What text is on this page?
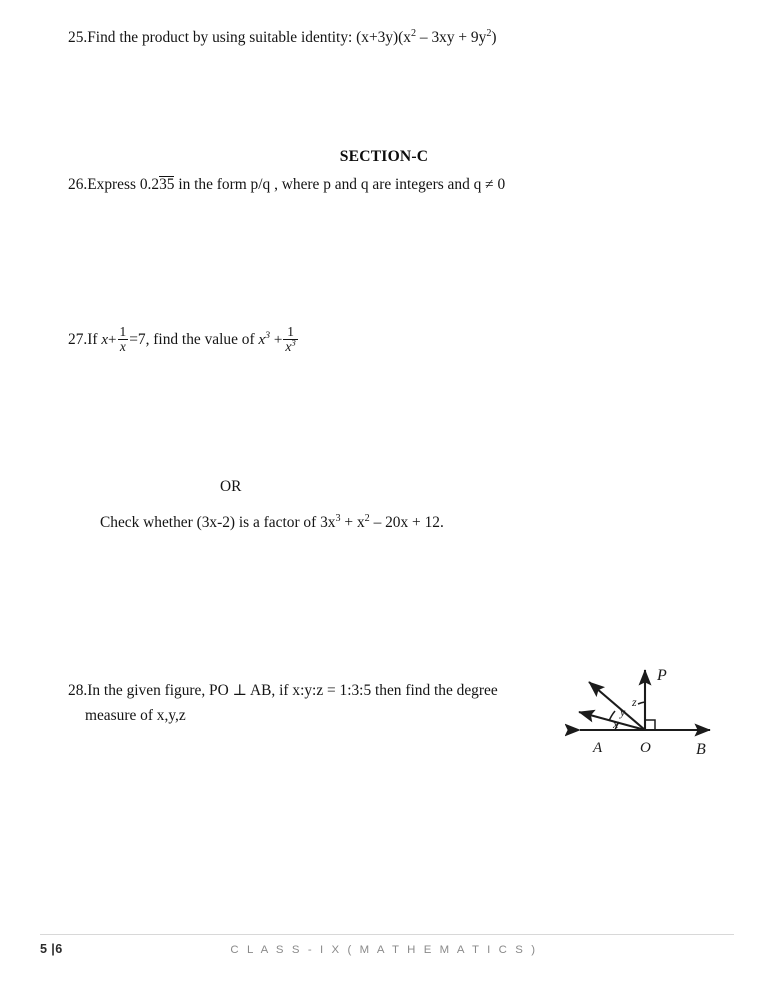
25.Find the product by using suitable identity: $(x+3y)(x^2 - 3xy + 9y^2)$
SECTION-C
26.Express 0.235 in the form p/q , where p and q are integers and q ≠ 0
27.If $x+ \frac{1}{x} =7$, find the value of $x^3 + \frac{1}{x^3}$
OR
Check whether (3x-2) is a factor of $3x^3 + x^2 - 20x + 12$.
28.In the given figure, PO ⊥ AB, if x:y:z = 1:3:5 then find the degree
measure of x,y,z
A	B
O
P
x
y
z
5 |6	C L A S S - I X ( M A T H E M A T I C S )
